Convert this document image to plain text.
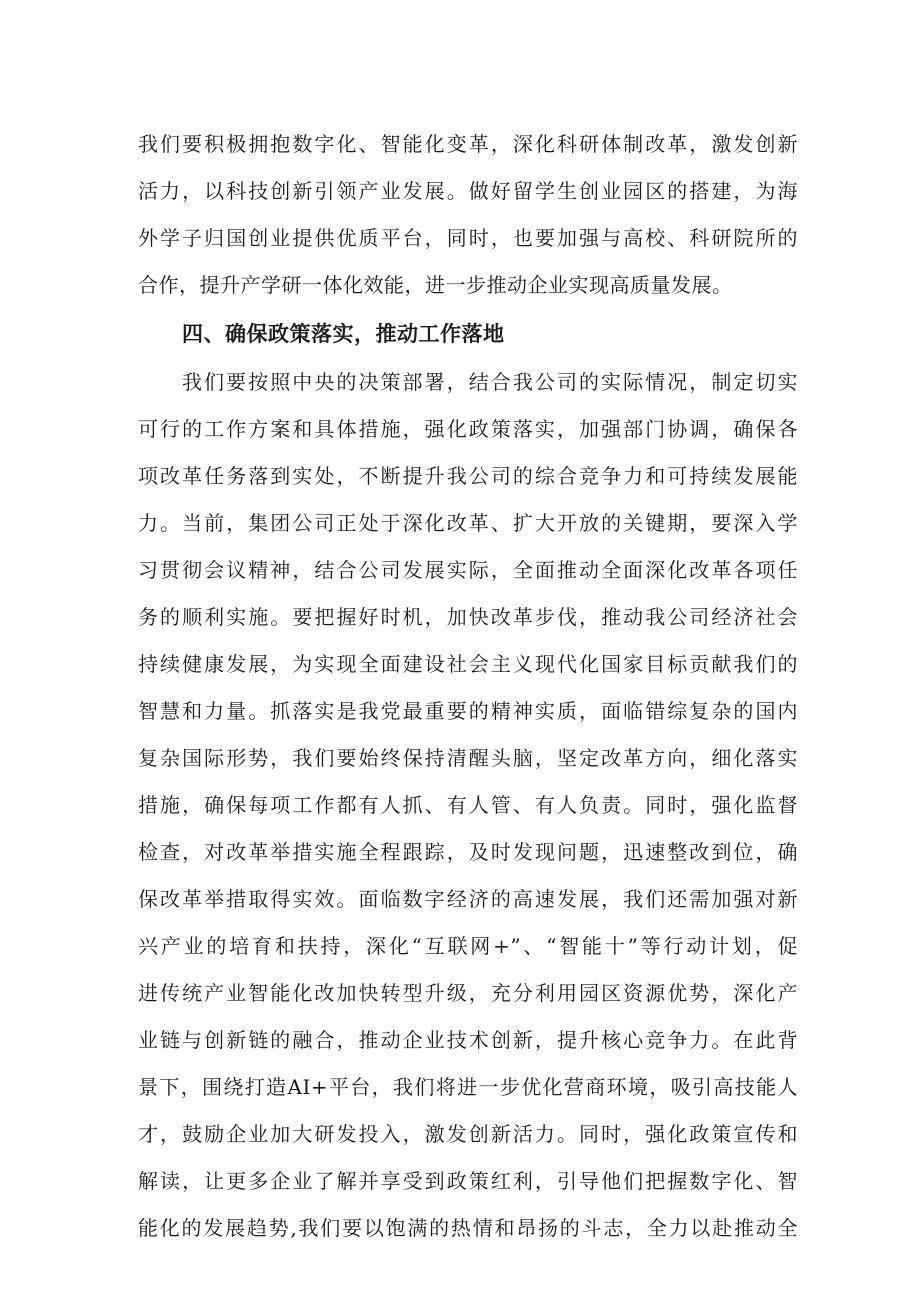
我们要积极拥抱数字化、智能化变革，深化科研体制改革，激发创新
活力，以科技创新引领产业发展。做好留学生创业园区的搭建，为海
外学子归国创业提供优质平台，同时，也要加强与高校、科研院所的
合作，提升产学研一体化效能，进一步推动企业实现高质量发展。
四、确保政策落实，推动工作落地
我们要按照中央的决策部署，结合我公司的实际情况，制定切实
可行的工作方案和具体措施，强化政策落实，加强部门协调，确保各
项改革任务落到实处，不断提升我公司的综合竞争力和可持续发展能
力。当前，集团公司正处于深化改革、扩大开放的关键期，要深入学
习贯彻会议精神，结合公司发展实际，全面推动全面深化改革各项任
务的顺利实施。要把握好时机，加快改革步伐，推动我公司经济社会
持续健康发展，为实现全面建设社会主义现代化国家目标贡献我们的
智慧和力量。抓落实是我党最重要的精神实质，面临错综复杂的国内
复杂国际形势，我们要始终保持清醒头脑，坚定改革方向，细化落实
措施，确保每项工作都有人抓、有人管、有人负责。同时，强化监督
检查，对改革举措实施全程跟踪，及时发现问题，迅速整改到位，确
保改革举措取得实效。面临数字经济的高速发展，我们还需加强对新
兴产业的培育和扶持，深化“互联网+”、“智能十”等行动计划，促
进传统产业智能化改加快转型升级，充分利用园区资源优势，深化产
业链与创新链的融合，推动企业技术创新，提升核心竞争力。在此背
景下，围绕打造AI+平台，我们将进一步优化营商环境，吸引高技能人
才，鼓励企业加大研发投入，激发创新活力。同时，强化政策宣传和
解读，让更多企业了解并享受到政策红利，引导他们把握数字化、智
能化的发展趋势,我们要以饱满的热情和昂扬的斗志，全力以赴推动全
